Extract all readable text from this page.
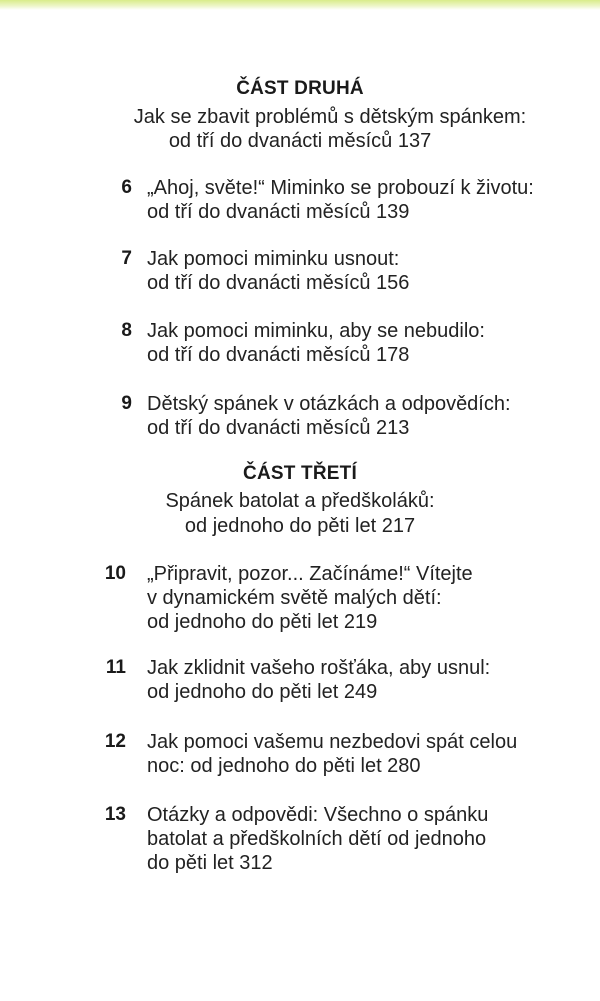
ČÁST DRUHÁ
Jak se zbavit problémů s dětským spánkem:
od tří do dvanácti měsíců 137
6 „Ahoj, světe!“ Miminko se probouzí k životu:
od tří do dvanácti měsíců 139
7 Jak pomoci miminku usnout:
od tří do dvanácti měsíců 156
8 Jak pomoci miminku, aby se nebudilo:
od tří do dvanácti měsíců 178
9 Dětský spánek v otázkách a odpovědích:
od tří do dvanácti měsíců 213
ČÁST TŘETÍ
Spánek batolat a předškoláků:
od jednoho do pěti let 217
10 „Připravit, pozor... Začínáme!“ Vítejte
v dynamickém světě malých dětí:
od jednoho do pěti let 219
11 Jak zklidnit vašeho rošťáka, aby usnul:
od jednoho do pěti let 249
12 Jak pomoci vašemu nezbedovi spát celou
noc: od jednoho do pěti let 280
13 Otázky a odpovědi: Všechno o spánku
batolat a předškolních dětí od jednoho
do pěti let 312
